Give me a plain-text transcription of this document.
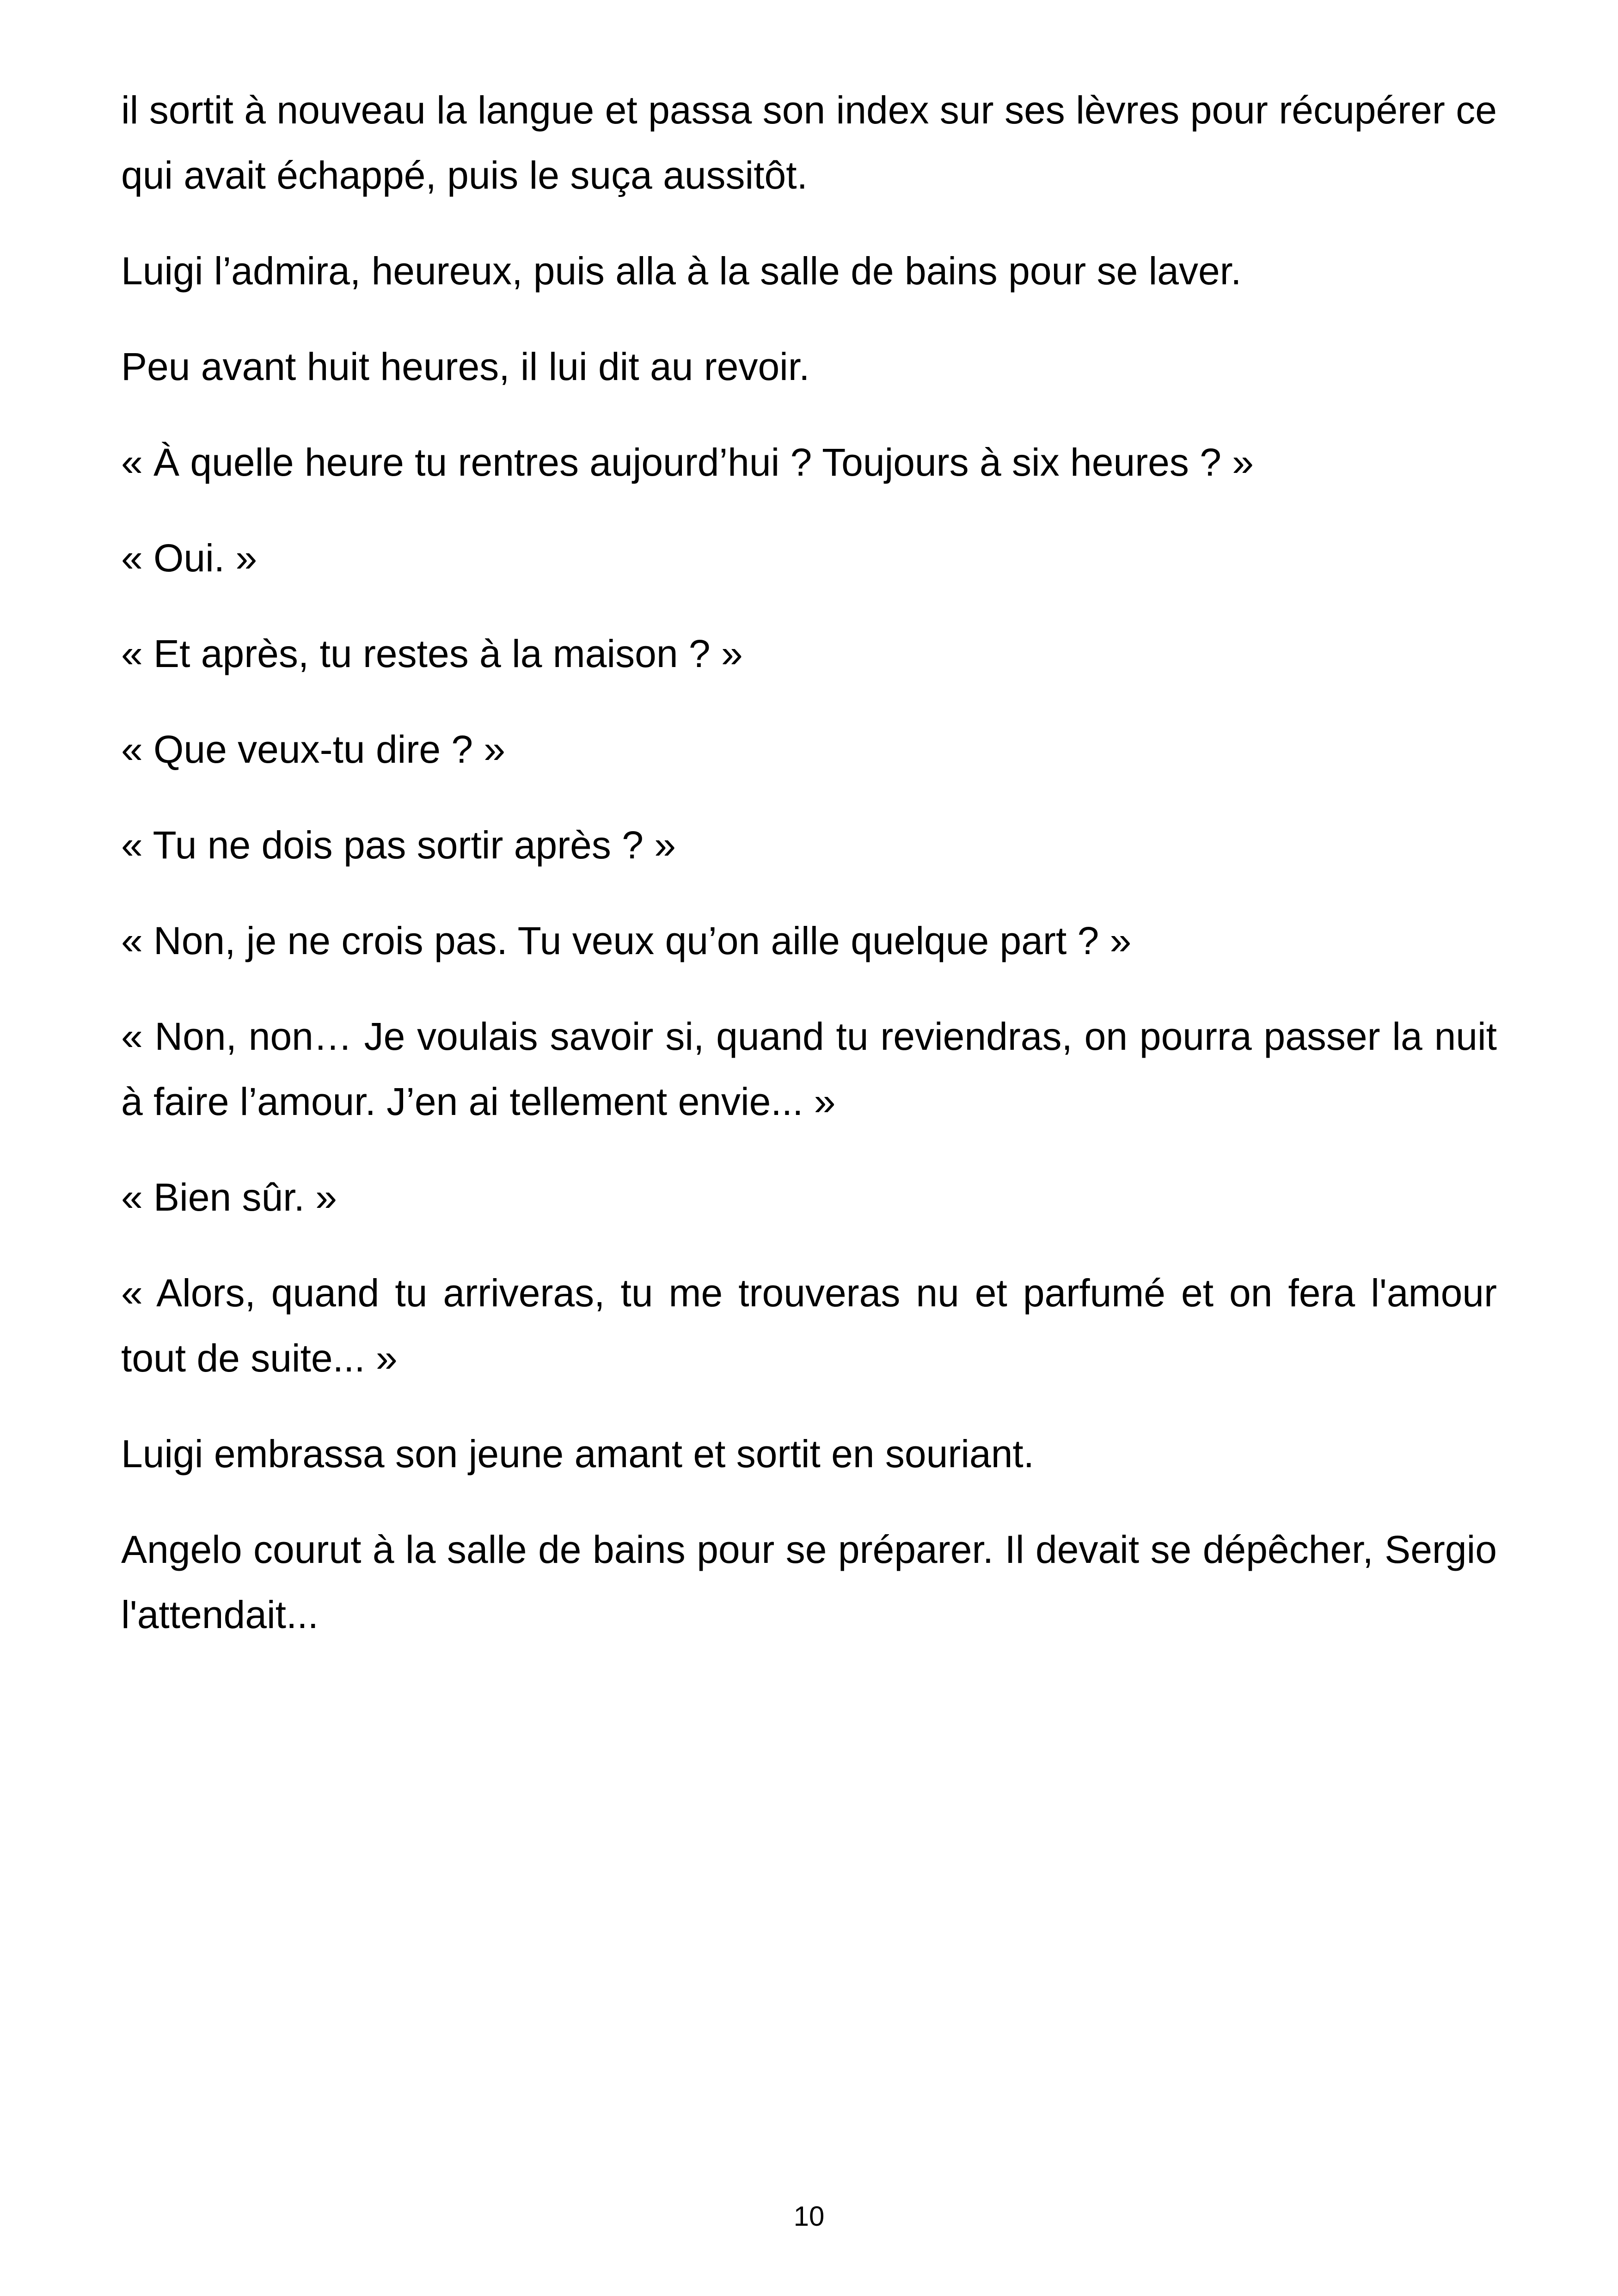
il sortit à nouveau la langue et passa son index sur ses lèvres pour récupérer ce qui avait échappé, puis le suça aussitôt.

Luigi l’admira, heureux, puis alla à la salle de bains pour se laver.

Peu avant huit heures, il lui dit au revoir.

« À quelle heure tu rentres aujourd’hui ? Toujours à six heures ? »

« Oui. »

« Et après, tu restes à la maison ? »

« Que veux-tu dire ? »

« Tu ne dois pas sortir après ? »

« Non, je ne crois pas. Tu veux qu’on aille quelque part ? »

« Non, non… Je voulais savoir si, quand tu reviendras, on pourra passer la nuit à faire l’amour. J’en ai tellement envie... »

« Bien sûr. »

« Alors, quand tu arriveras, tu me trouveras nu et parfumé et on fera l'amour tout de suite... »

Luigi embrassa son jeune amant et sortit en souriant.

Angelo courut à la salle de bains pour se préparer. Il devait se dépêcher, Sergio l'attendait...

10
